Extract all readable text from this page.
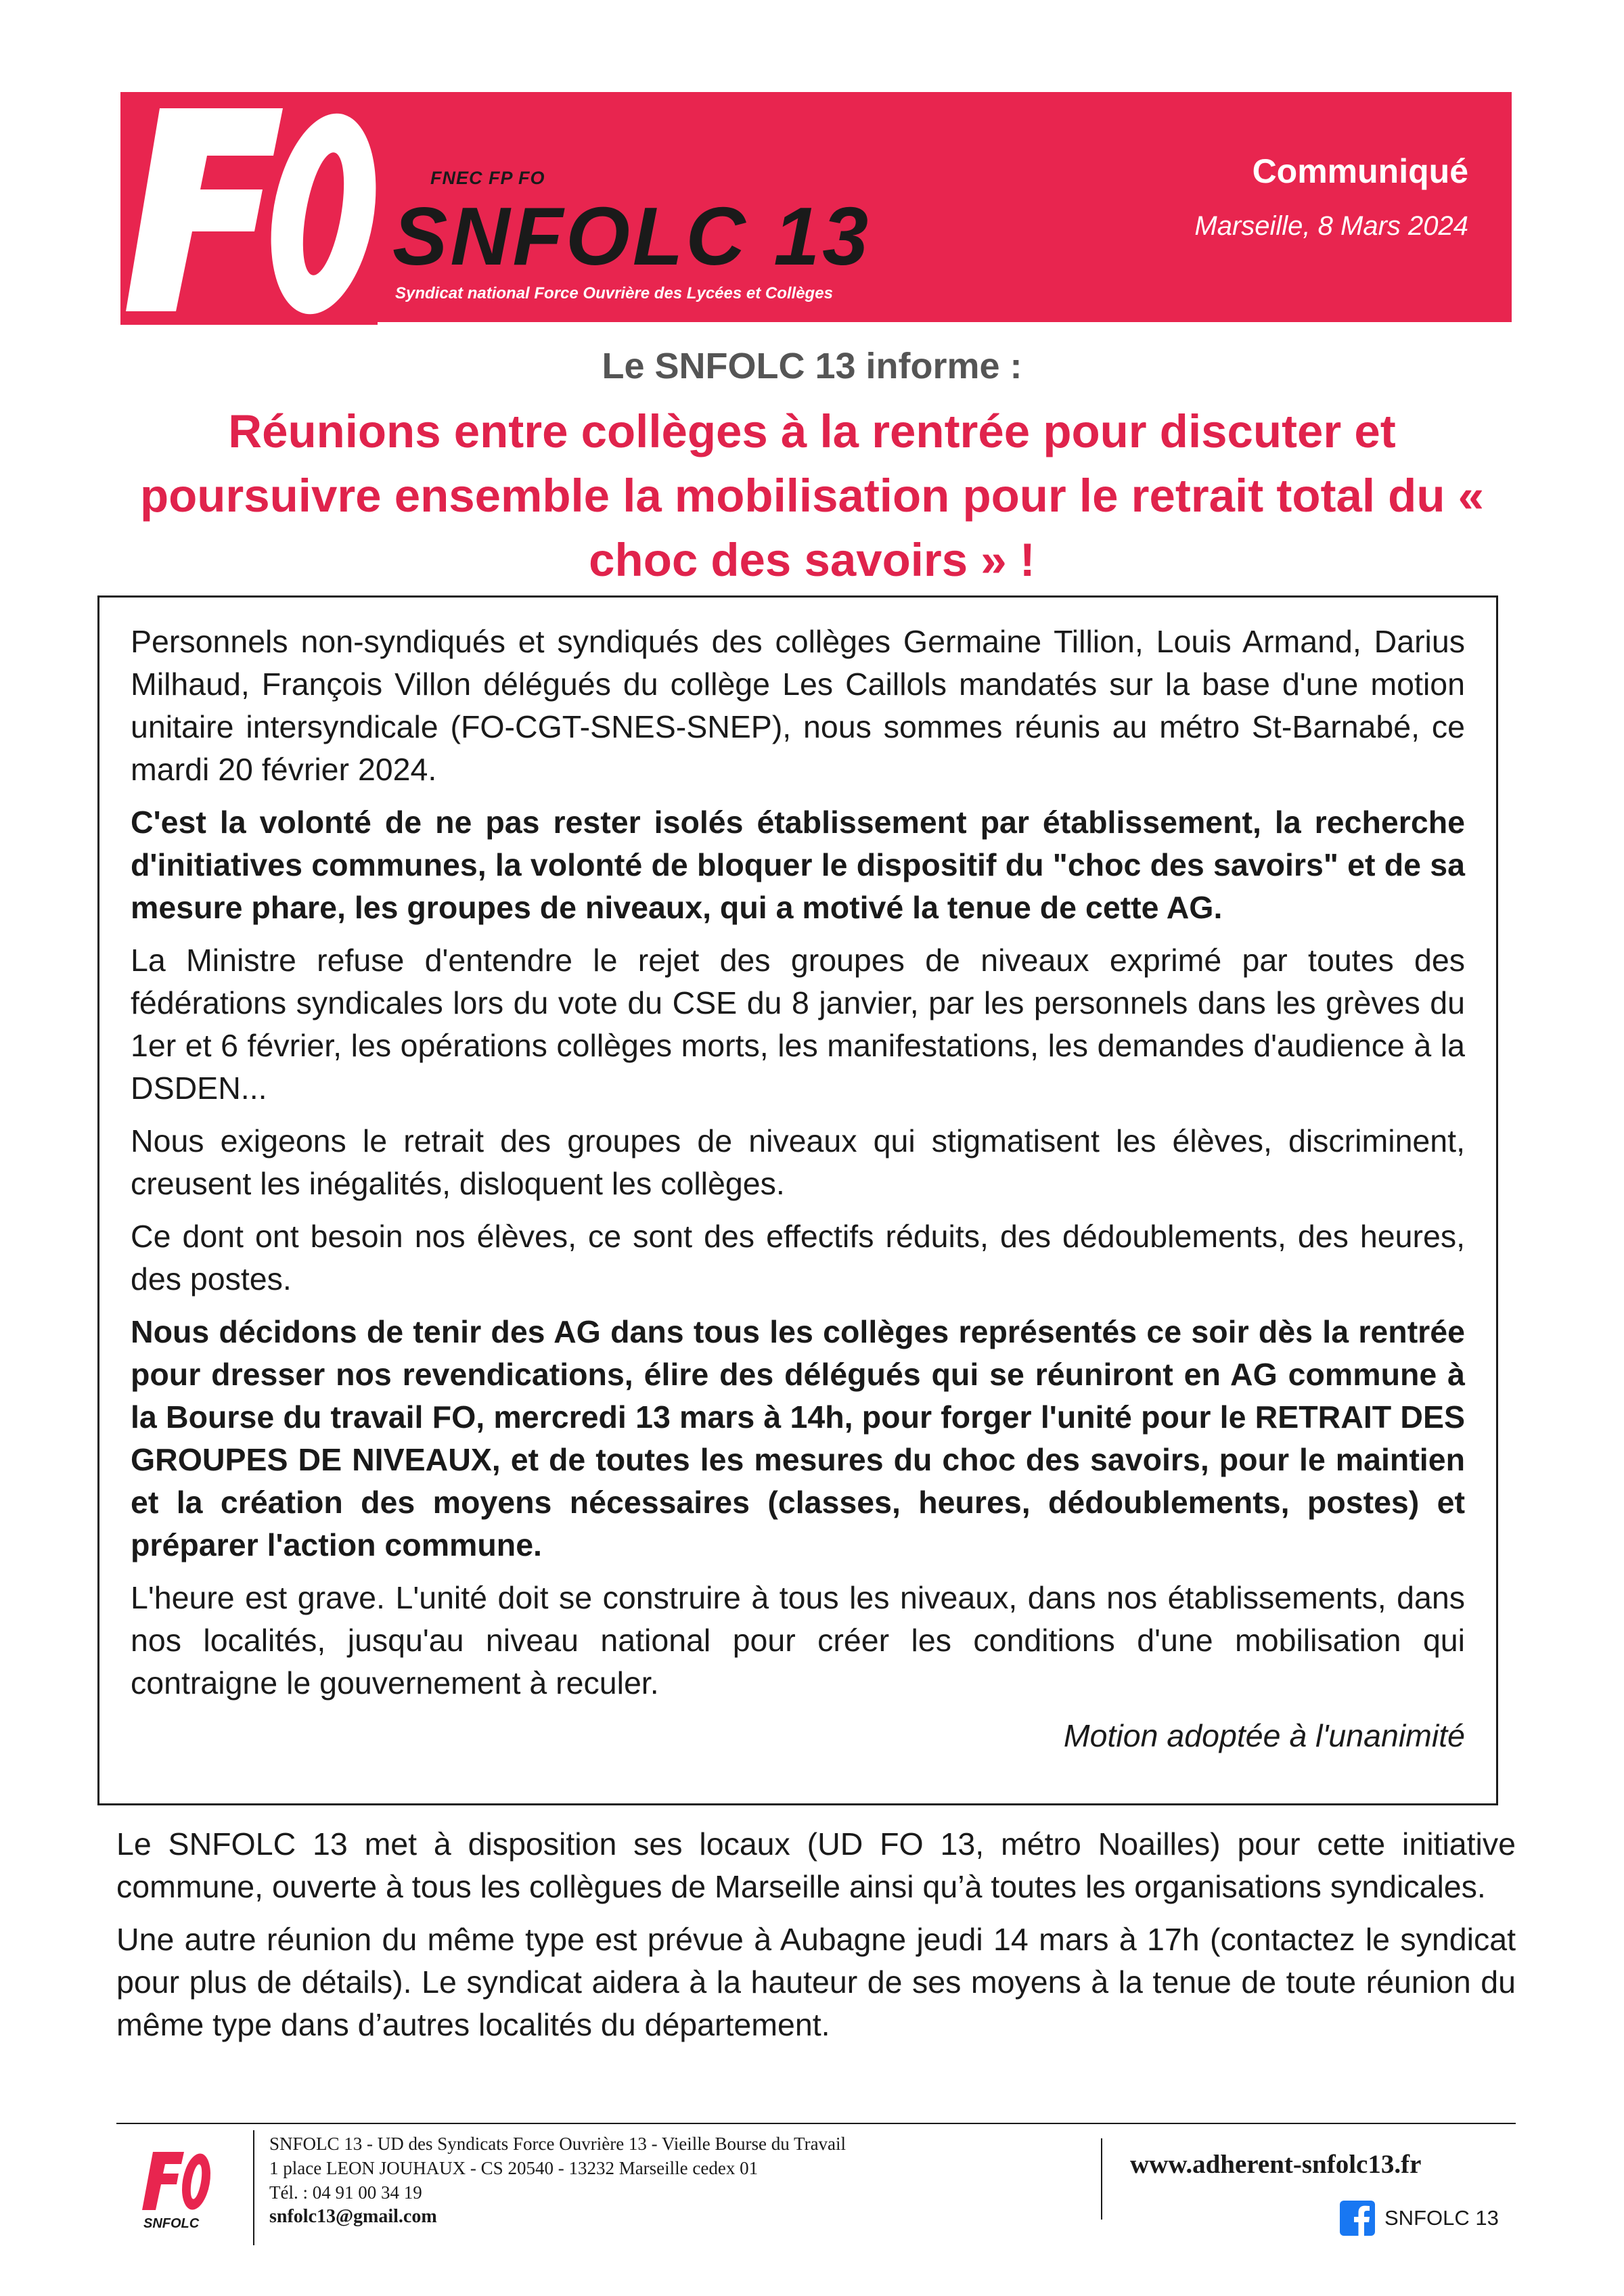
FNEC FP FO
SNFOLC 13
Syndicat national Force Ouvrière des Lycées et Collèges
Communiqué
Marseille, 8 Mars 2024
Le SNFOLC 13 informe :
Réunions entre collèges à la rentrée pour discuter et poursuivre ensemble la mobilisation pour le retrait total du « choc des savoirs » !

Personnels non-syndiqués et syndiqués des collèges Germaine Tillion, Louis Armand, Darius Milhaud, François Villon délégués du collège Les Caillols mandatés sur la base d'une motion unitaire intersyndicale (FO-CGT-SNES-SNEP), nous sommes réunis au métro St-Barnabé, ce mardi 20 février 2024.

C'est la volonté de ne pas rester isolés établissement par établissement, la recherche d'initiatives communes, la volonté de bloquer le dispositif du "choc des savoirs" et de sa mesure phare, les groupes de niveaux, qui a motivé la tenue de cette AG.

La Ministre refuse d'entendre le rejet des groupes de niveaux exprimé par toutes des fédérations syndicales lors du vote du CSE du 8 janvier, par les personnels dans les grèves du 1er et 6 février, les opérations collèges morts, les manifestations, les demandes d'audience à la DSDEN...

Nous exigeons le retrait des groupes de niveaux qui stigmatisent les élèves, discriminent, creusent les inégalités, disloquent les collèges.

Ce dont ont besoin nos élèves, ce sont des effectifs réduits, des dédoublements, des heures, des postes.

Nous décidons de tenir des AG dans tous les collèges représentés ce soir dès la rentrée pour dresser nos revendications, élire des délégués qui se réuniront en AG commune à la Bourse du travail FO, mercredi 13 mars à 14h, pour forger l'unité pour le RETRAIT DES GROUPES DE NIVEAUX, et de toutes les mesures du choc des savoirs, pour le maintien et la création des moyens nécessaires (classes, heures, dédoublements, postes) et préparer l'action commune.

L'heure est grave. L'unité doit se construire à tous les niveaux, dans nos établissements, dans nos localités, jusqu'au niveau national pour créer les conditions d'une mobilisation qui contraigne le gouvernement à reculer.

Motion adoptée à l'unanimité

Le SNFOLC 13 met à disposition ses locaux (UD FO 13, métro Noailles) pour cette initiative commune, ouverte à tous les collègues de Marseille ainsi qu’à toutes les organisations syndicales.

Une autre réunion du même type est prévue à Aubagne jeudi 14 mars à 17h (contactez le syndicat pour plus de détails). Le syndicat aidera à la hauteur de ses moyens à la tenue de toute réunion du même type dans d’autres localités du département.

SNFOLC
SNFOLC 13 - UD des Syndicats Force Ouvrière 13 - Vieille Bourse du Travail
1 place LEON JOUHAUX - CS 20540 - 13232 Marseille cedex 01
Tél. : 04 91 00 34 19
snfolc13@gmail.com
www.adherent-snfolc13.fr
SNFOLC 13
